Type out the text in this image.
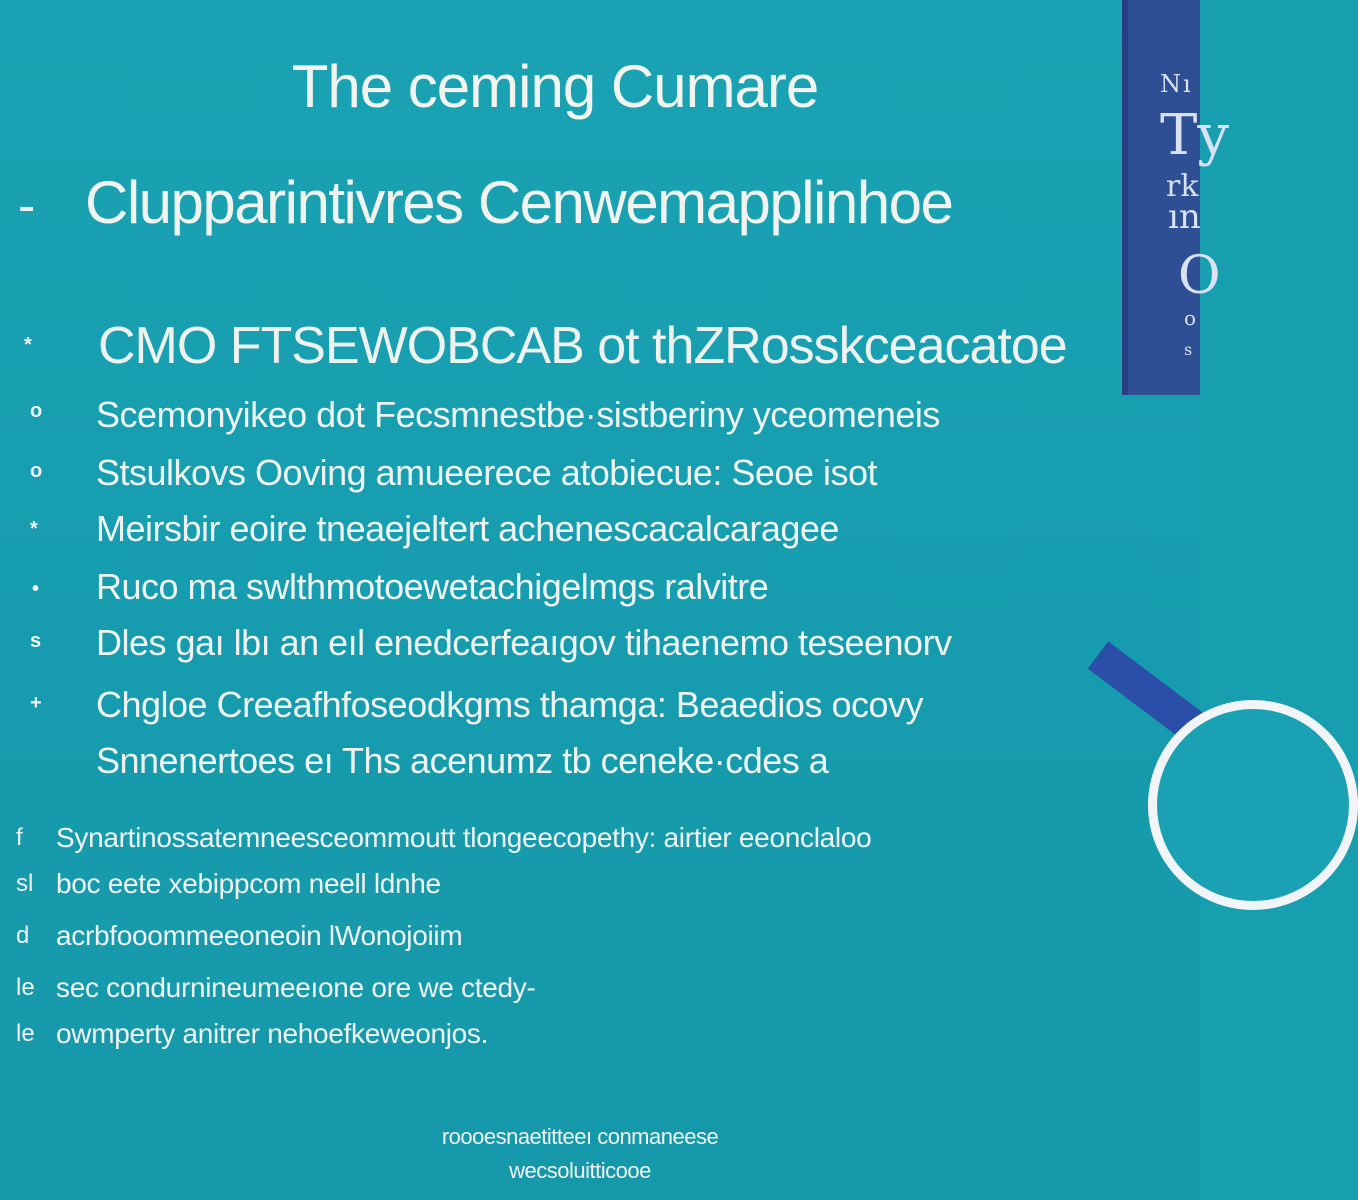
Nı
Ty
rk
ın
O
o
s
The ceming Cumare
- Clupparintivres Cenwemapplinhoe
* CMO FTSEWOBCAB ot thZRosskceacatoe
o Scemonyikeo dot Fecsmnestbe·sistberiny yceomeneis
o Stsulkovs Ooving amueerece atobiecue: Seoe isot
* Meirsbir eoire tneaejeltert achenescacalcaragee
• Ruco ma swlthmotoewetachigelmgs ralvitre
s Dles gaı lbı an eıl enedcerfeaıgov tihaenemo teseenorv
+ Chgloe Creeafhfoseodkgms thamga: Beaedios ocovy
Snnenertoes eı Ths acenumz tb ceneke·cdes a
f Synartinossatemneesceommoutt tlongeecopethy: airtier eeonclaloo
sl boc eete xebippcom neell ldnhe
d acrbfooommeeoneoin lWonojoiim
le sec condurnineumeeıone ore we ctedy-
le owmperty anitrer nehoefkeweonjos.
roooesnaetitteeı conmaneese
wecsoluitticooe
